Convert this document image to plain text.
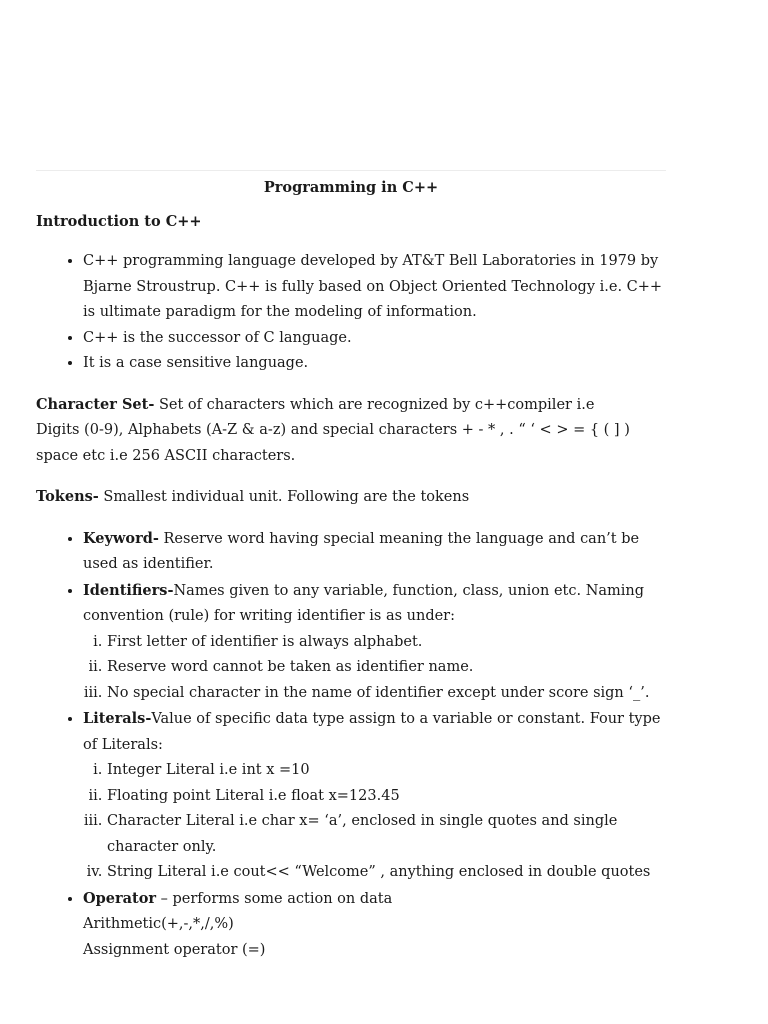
Programming in C++
Introduction to C++
• C++ programming language developed by AT&T Bell Laboratories in 1979 by Bjarne Stroustrup. C++ is fully based on Object Oriented Technology i.e. C++ is ultimate paradigm for the modeling of information.
• C++ is the successor of C language.
• It is a case sensitive language.

Character Set- Set of characters which are recognized by c++compiler i.e

Digits (0-9), Alphabets (A-Z & a-z) and special characters + - * , . “ ‘ < > = { ( ] ) space etc i.e 256 ASCII characters.

Tokens- Smallest individual unit. Following are the tokens
• Keyword- Reserve word having special meaning the language and can’t be used as identifier.
• Identifiers-Names given to any variable, function, class, union etc. Naming convention (rule) for writing identifier is as under:
i. First letter of identifier is always alphabet.
ii. Reserve word cannot be taken as identifier name.
iii. No special character in the name of identifier except under score sign ‘_’.
• Literals-Value of specific data type assign to a variable or constant. Four type of Literals:
i. Integer Literal i.e int x =10
ii. Floating point Literal i.e float x=123.45
iii. Character Literal i.e char x= ‘a’, enclosed in single quotes and single character only.
iv. String Literal i.e cout<< “Welcome” , anything enclosed in double quotes
• Operator – performs some action on data
Arithmetic(+,-,*,/,%)
Assignment operator (=)
